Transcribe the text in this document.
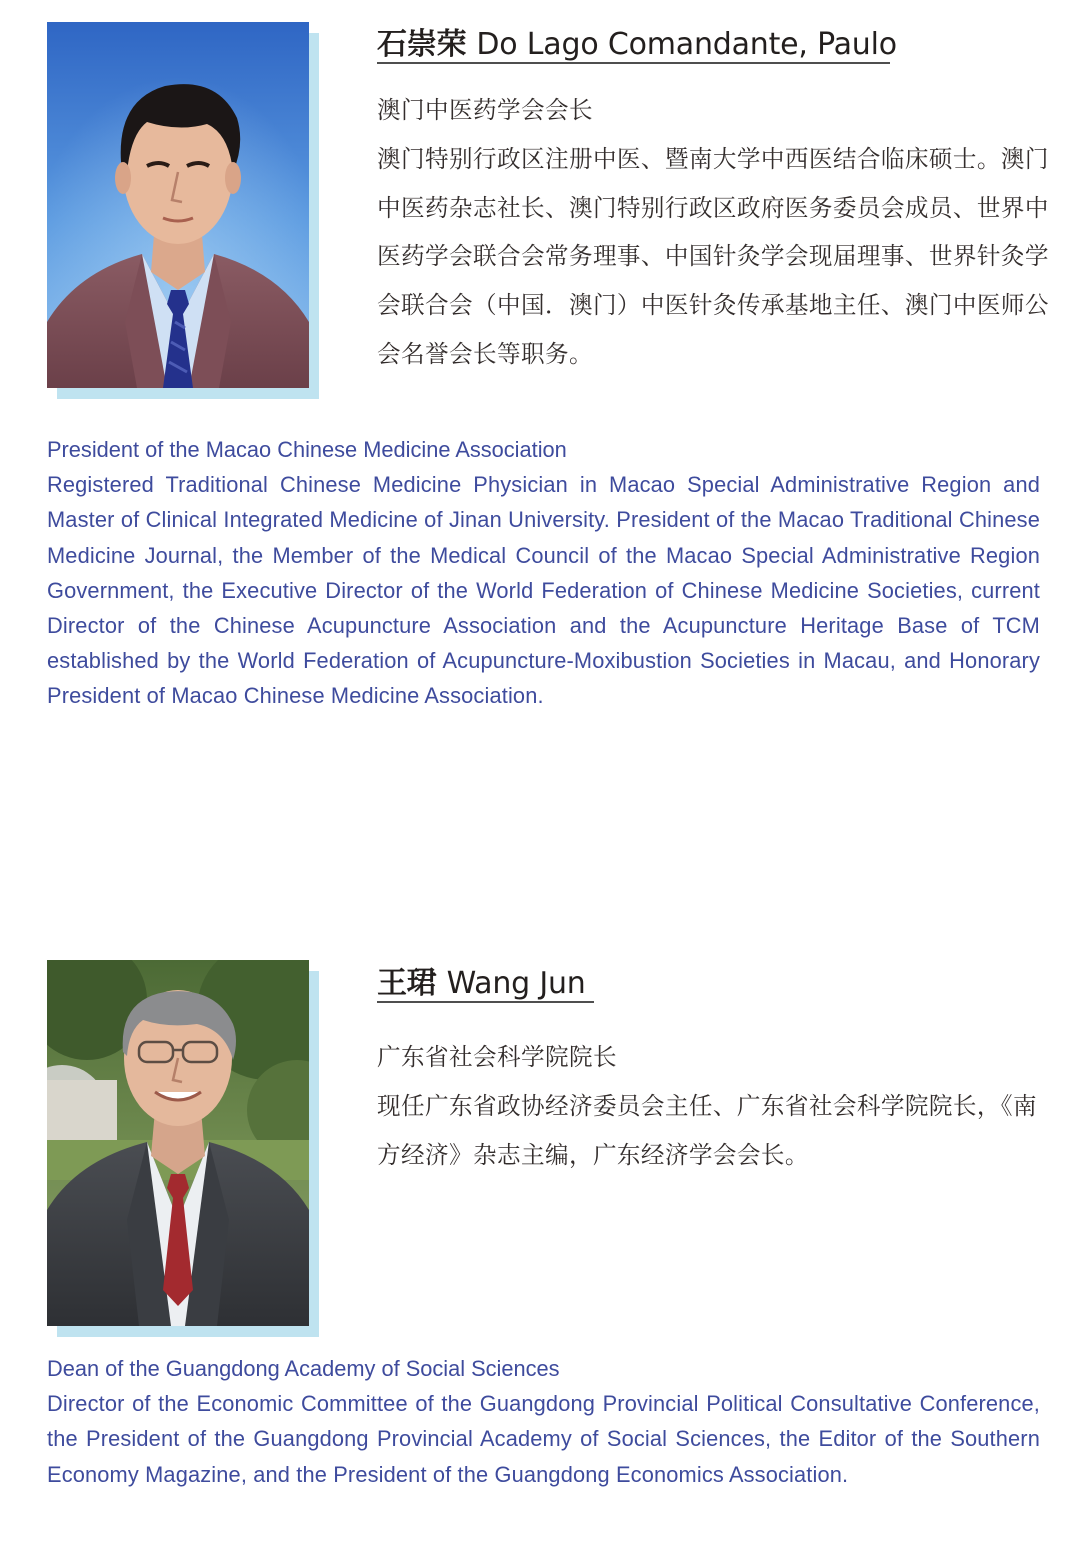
石崇荣 Do Lago Comandante, Paulo

澳门中医药学会会长

澳门特别行政区注册中医、暨南大学中西医结合临床硕士。澳门中医药杂志社长、澳门特别行政区政府医务委员会成员、世界中医药学会联合会常务理事、中国针灸学会现届理事、世界针灸学会联合会（中国．澳门）中医针灸传承基地主任、澳门中医师公会名誉会长等职务。

President of the Macao Chinese Medicine Association

Registered Traditional Chinese Medicine Physician in Macao Special Administrative Region and Master of Clinical Integrated Medicine of Jinan University. President of the Macao Traditional Chinese Medicine Journal, the Member of the Medical Council of the Macao Special Administrative Region Government, the Executive Director of the World Federation of Chinese Medicine Societies, current Director of the Chinese Acupuncture Association and the Acupuncture Heritage Base of TCM established by the World Federation of Acupuncture-Moxibustion Societies in Macau, and Honorary President of Macao Chinese Medicine Association.

王珺 Wang Jun

广东省社会科学院院长

现任广东省政协经济委员会主任、广东省社会科学院院长，《南方经济》杂志主编，广东经济学会会长。

Dean of the Guangdong Academy of Social Sciences

Director of the Economic Committee of the Guangdong Provincial Political Consultative Conference, the President of the Guangdong Provincial Academy of Social Sciences, the Editor of the Southern Economy Magazine, and the President of the Guangdong Economics Association.
